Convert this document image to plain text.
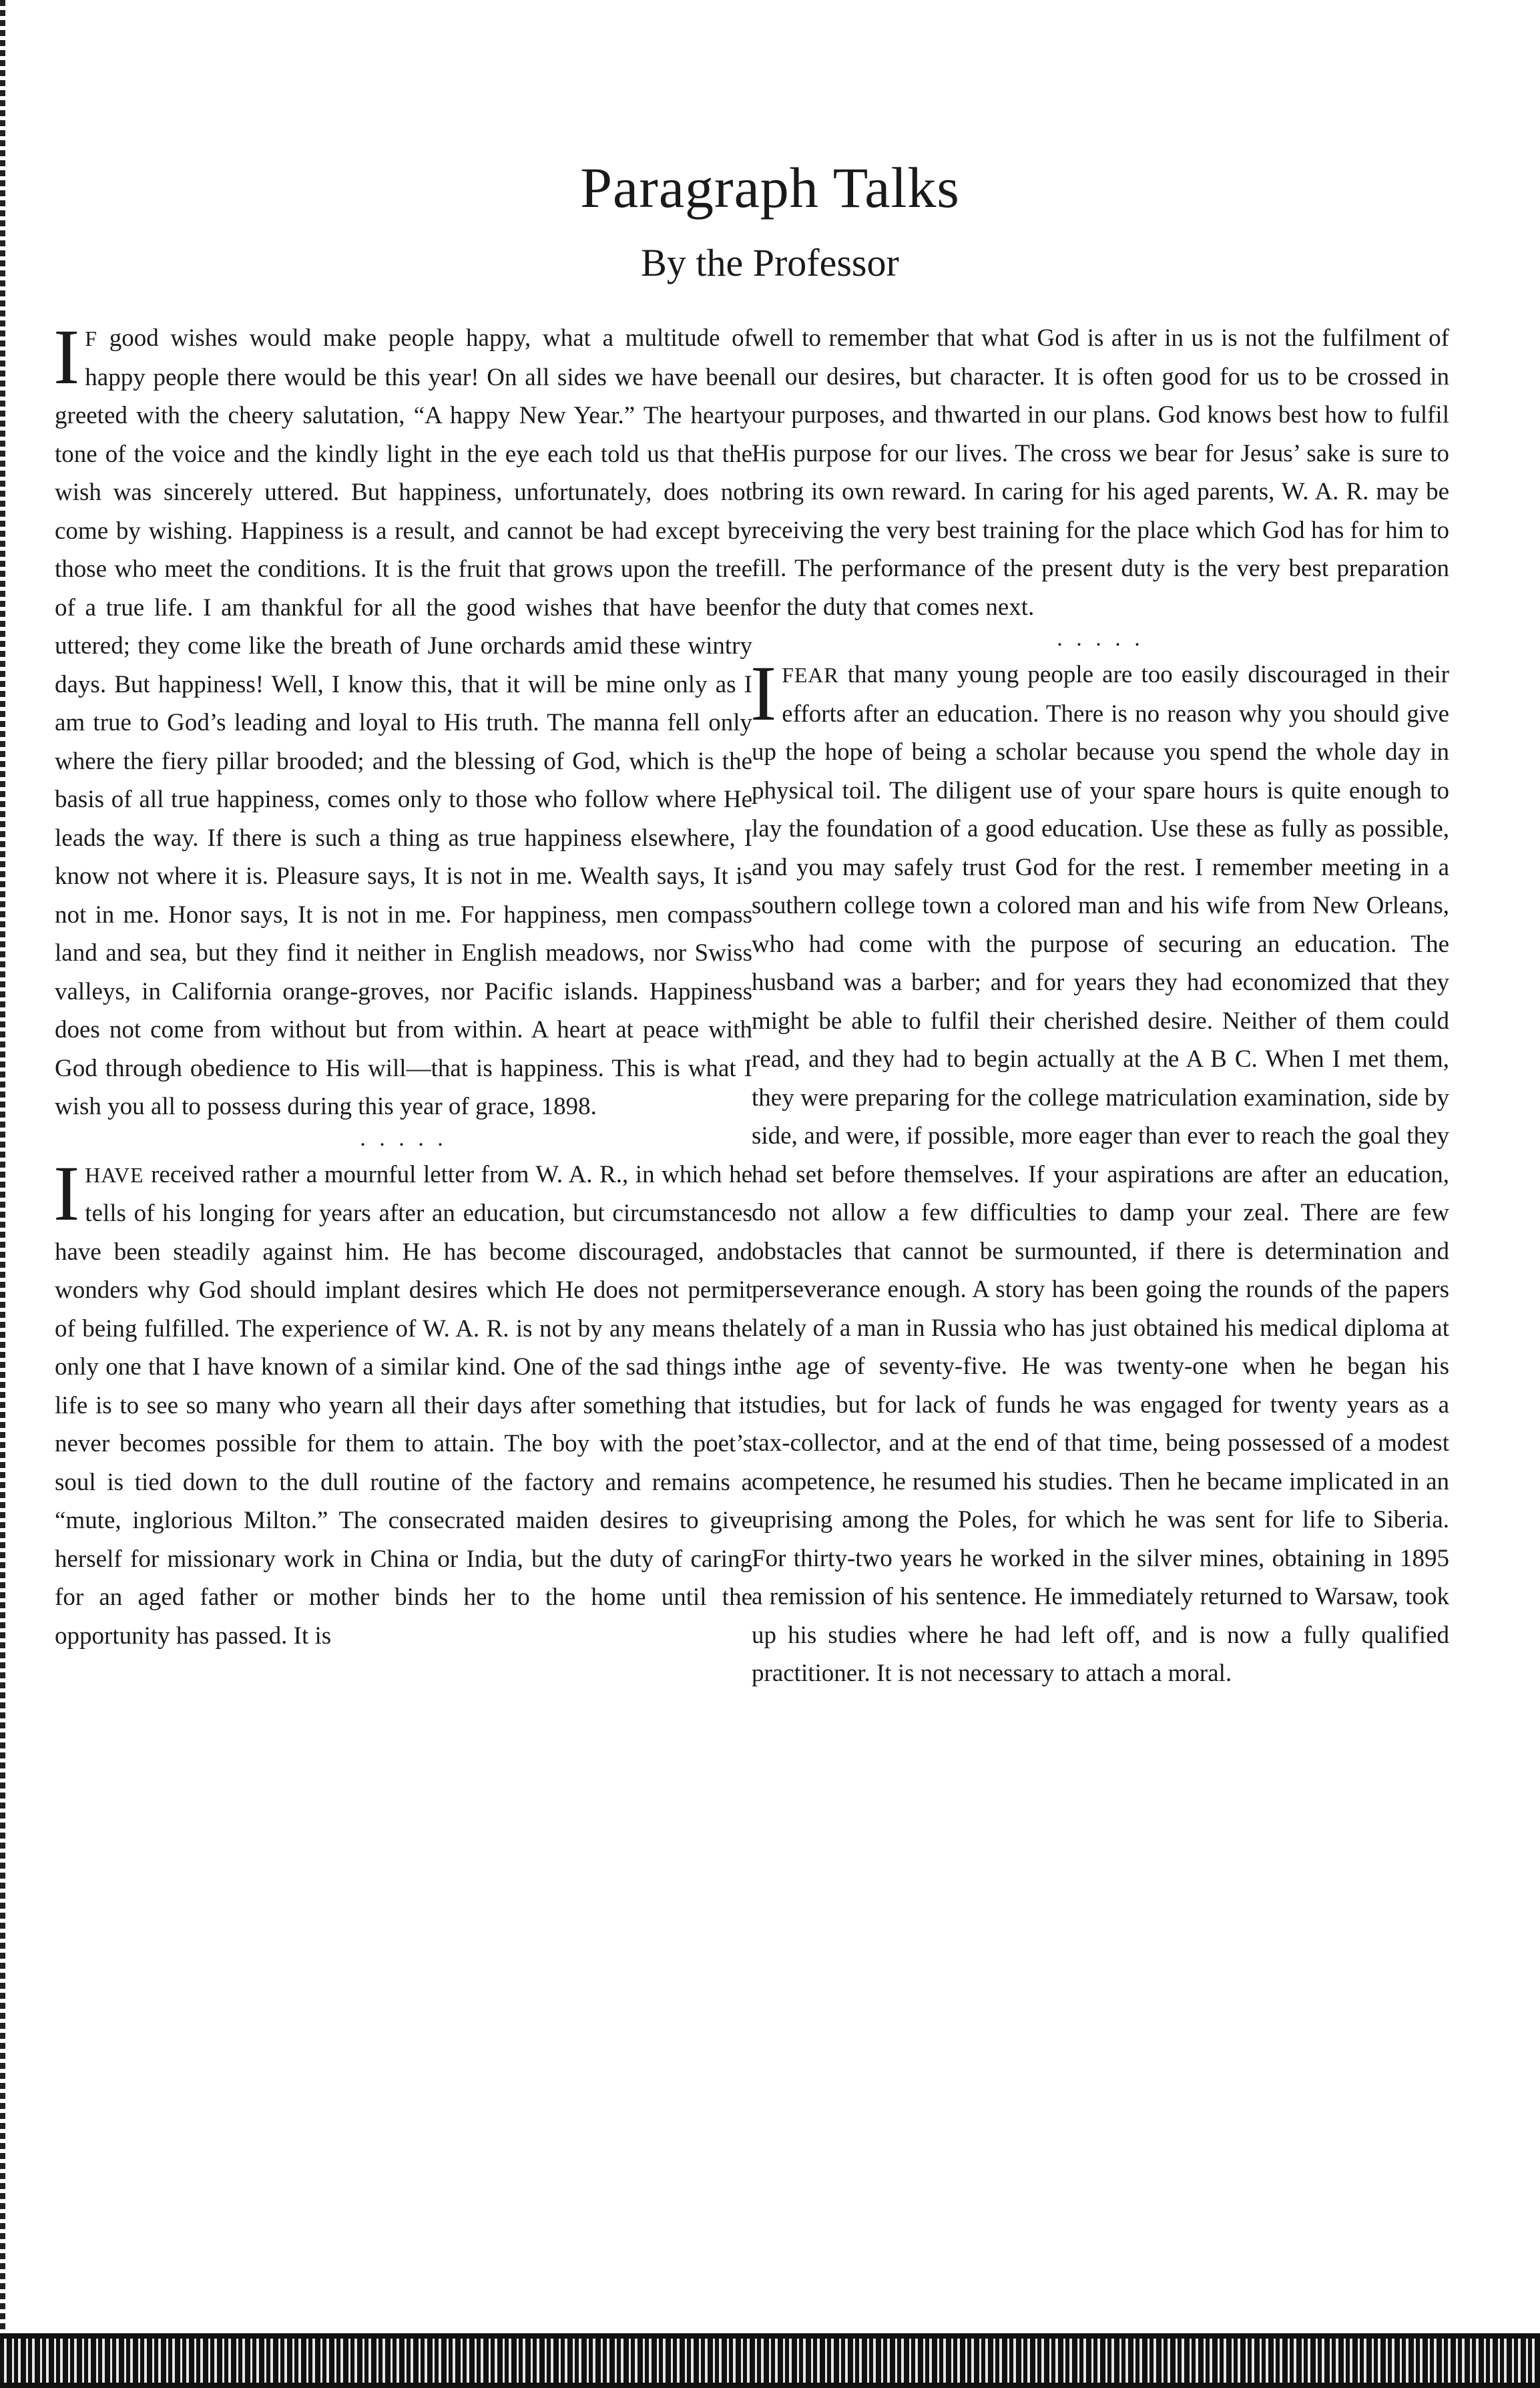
Paragraph Talks
By the Professor

I F good wishes would make people happy, what a multitude of happy people there would be this year! On all sides we have been greeted with the cheery salutation, “A happy New Year.” The hearty tone of the voice and the kindly light in the eye each told us that the wish was sincerely uttered. But happiness, unfortunately, does not come by wishing. Happiness is a result, and cannot be had except by those who meet the conditions. It is the fruit that grows upon the tree of a true life. I am thankful for all the good wishes that have been uttered; they come like the breath of June orchards amid these wintry days. But happiness! Well, I know this, that it will be mine only as I am true to God’s leading and loyal to His truth. The manna fell only where the fiery pillar brooded; and the blessing of God, which is the basis of all true happiness, comes only to those who follow where He leads the way. If there is such a thing as true happiness elsewhere, I know not where it is. Pleasure says, It is not in me. Wealth says, It is not in me. Honor says, It is not in me. For happiness, men compass land and sea, but they find it neither in English meadows, nor Swiss valleys, in California orange-groves, nor Pacific islands. Happiness does not come from without but from within. A heart at peace with God through obedience to His will—that is happiness. This is what I wish you all to possess during this year of grace, 1898.

. . . . .

IHAVE received rather a mournful letter from W. A. R., in which he tells of his longing for years after an education, but circumstances have been steadily against him. He has become discouraged, and wonders why God should implant desires which He does not permit of being fulfilled. The experience of W. A. R. is not by any means the only one that I have known of a similar kind. One of the sad things in life is to see so many who yearn all their days after something that it never becomes possible for them to attain. The boy with the poet’s soul is tied down to the dull routine of the factory and remains a “mute, inglorious Milton.” The consecrated maiden desires to give herself for missionary work in China or India, but the duty of caring for an aged father or mother binds her to the home until the opportunity has passed. It is

well to remember that what God is after in us is not the fulfilment of all our desires, but character. It is often good for us to be crossed in our purposes, and thwarted in our plans. God knows best how to fulfil His purpose for our lives. The cross we bear for Jesus’ sake is sure to bring its own reward. In caring for his aged parents, W. A. R. may be receiving the very best training for the place which God has for him to fill. The performance of the present duty is the very best preparation for the duty that comes next.

. . . . .

IFEAR that many young people are too easily discouraged in their efforts after an education. There is no reason why you should give up the hope of being a scholar because you spend the whole day in physical toil. The diligent use of your spare hours is quite enough to lay the foundation of a good education. Use these as fully as possible, and you may safely trust God for the rest. I remember meeting in a southern college town a colored man and his wife from New Orleans, who had come with the purpose of securing an education. The husband was a barber; and for years they had economized that they might be able to fulfil their cherished desire. Neither of them could read, and they had to begin actually at the A B C. When I met them, they were preparing for the college matriculation examination, side by side, and were, if possible, more eager than ever to reach the goal they had set before themselves. If your aspirations are after an education, do not allow a few difficulties to damp your zeal. There are few obstacles that cannot be surmounted, if there is determination and perseverance enough. A story has been going the rounds of the papers lately of a man in Russia who has just obtained his medical diploma at the age of seventy-five. He was twenty-one when he began his studies, but for lack of funds he was engaged for twenty years as a tax-collector, and at the end of that time, being possessed of a modest competence, he resumed his studies. Then he became implicated in an uprising among the Poles, for which he was sent for life to Siberia. For thirty-two years he worked in the silver mines, obtaining in 1895 a remission of his sentence. He immediately returned to Warsaw, took up his studies where he had left off, and is now a fully qualified practitioner. It is not necessary to attach a moral.
